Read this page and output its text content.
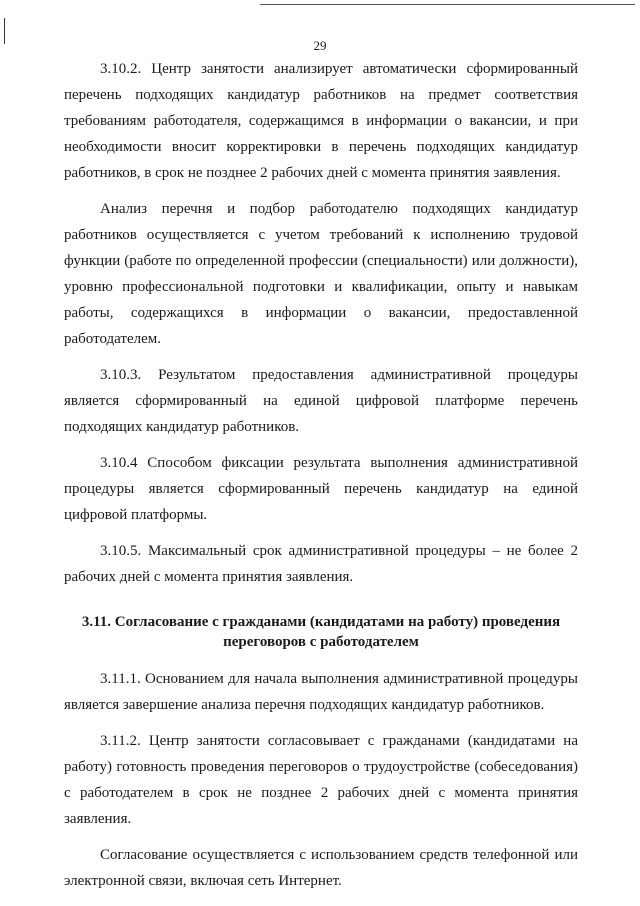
29

3.10.2. Центр занятости анализирует автоматически сформированный перечень подходящих кандидатур работников на предмет соответствия требованиям работодателя, содержащимся в информации о вакансии, и при необходимости вносит корректировки в перечень подходящих кандидатур работников, в срок не позднее 2 рабочих дней с момента принятия заявления.

Анализ перечня и подбор работодателю подходящих кандидатур работников осуществляется с учетом требований к исполнению трудовой функции (работе по определенной профессии (специальности) или должности), уровню профессиональной подготовки и квалификации, опыту и навыкам работы, содержащихся в информации о вакансии, предоставленной работодателем.

3.10.3. Результатом предоставления административной процедуры является сформированный на единой цифровой платформе перечень подходящих кандидатур работников.

3.10.4 Способом фиксации результата выполнения административной процедуры является сформированный перечень кандидатур на единой цифровой платформы.

3.10.5. Максимальный срок административной процедуры – не более 2 рабочих дней с момента принятия заявления.

3.11. Согласование с гражданами (кандидатами на работу) проведения
переговоров с работодателем

3.11.1. Основанием для начала выполнения административной процедуры является завершение анализа перечня подходящих кандидатур работников.

3.11.2. Центр занятости согласовывает с гражданами (кандидатами на работу) готовность проведения переговоров о трудоустройстве (собеседования) с работодателем в срок не позднее 2 рабочих дней с момента принятия заявления.

Согласование осуществляется с использованием средств телефонной или электронной связи, включая сеть Интернет.
